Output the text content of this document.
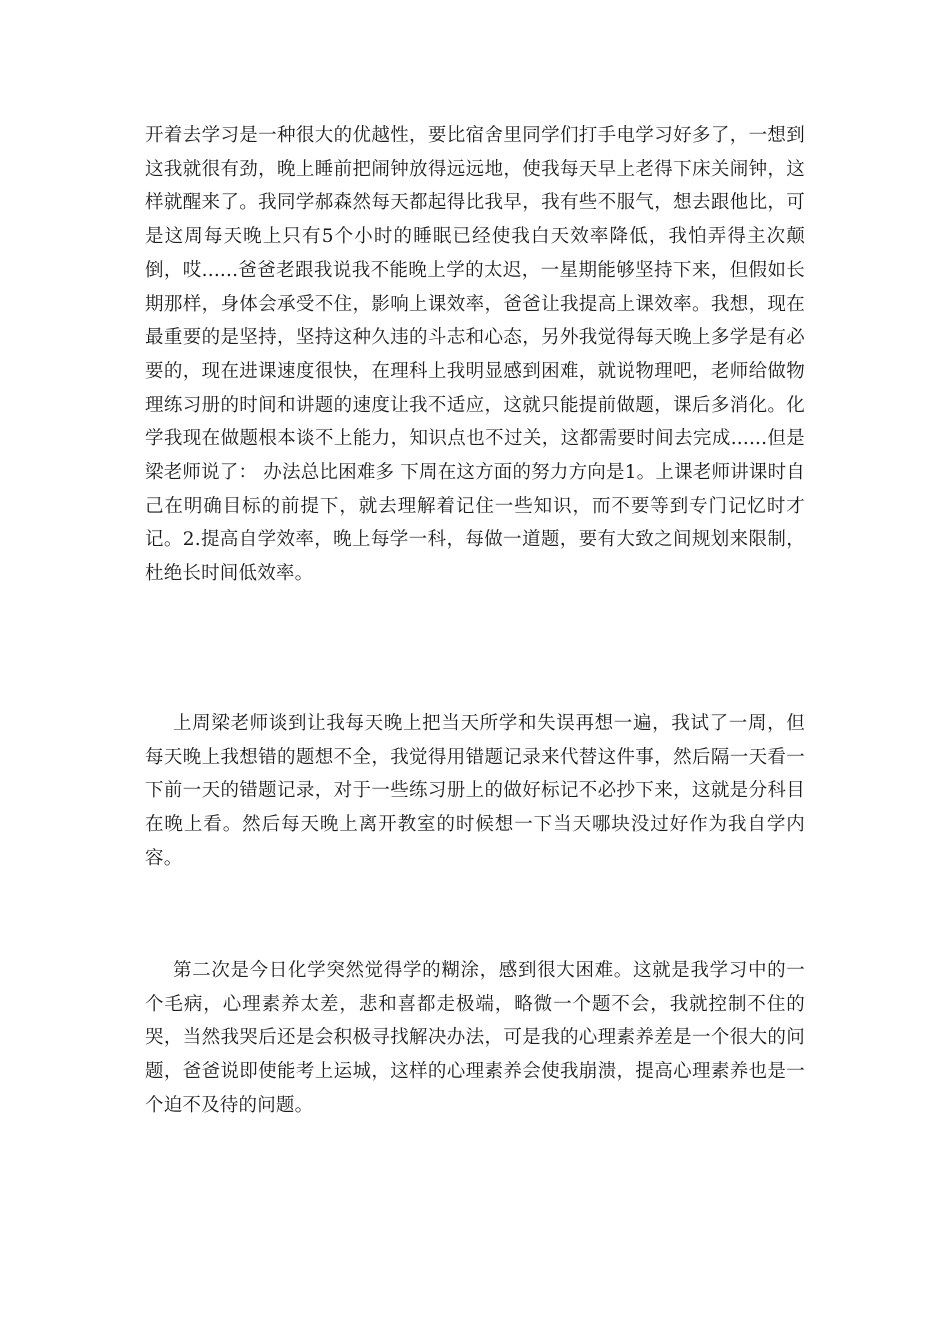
开着去学习是一种很大的优越性，要比宿舍里同学们打手电学习好多了，一想到这我就很有劲，晚上睡前把闹钟放得远远地，使我每天早上老得下床关闹钟，这样就醒来了。我同学郝森然每天都起得比我早，我有些不服气，想去跟他比，可是这周每天晚上只有5个小时的睡眠已经使我白天效率降低，我怕弄得主次颠倒，哎......爸爸老跟我说我不能晚上学的太迟，一星期能够坚持下来，但假如长期那样，身体会承受不住，影响上课效率，爸爸让我提高上课效率。我想，现在最重要的是坚持，坚持这种久违的斗志和心态，另外我觉得每天晚上多学是有必要的，现在进课速度很快，在理科上我明显感到困难，就说物理吧，老师给做物理练习册的时间和讲题的速度让我不适应，这就只能提前做题，课后多消化。化学我现在做题根本谈不上能力，知识点也不过关，这都需要时间去完成......但是梁老师说了： 办法总比困难多 下周在这方面的努力方向是1。上课老师讲课时自己在明确目标的前提下，就去理解着记住一些知识，而不要等到专门记忆时才记。2.提高自学效率，晚上每学一科，每做一道题，要有大致之间规划来限制，杜绝长时间低效率。

上周梁老师谈到让我每天晚上把当天所学和失误再想一遍，我试了一周，但每天晚上我想错的题想不全，我觉得用错题记录来代替这件事，然后隔一天看一下前一天的错题记录，对于一些练习册上的做好标记不必抄下来，这就是分科目在晚上看。然后每天晚上离开教室的时候想一下当天哪块没过好作为我自学内容。

第二次是今日化学突然觉得学的糊涂，感到很大困难。这就是我学习中的一个毛病，心理素养太差，悲和喜都走极端，略微一个题不会，我就控制不住的哭，当然我哭后还是会积极寻找解决办法，可是我的心理素养差是一个很大的问题，爸爸说即使能考上运城，这样的心理素养会使我崩溃，提高心理素养也是一个迫不及待的问题。
